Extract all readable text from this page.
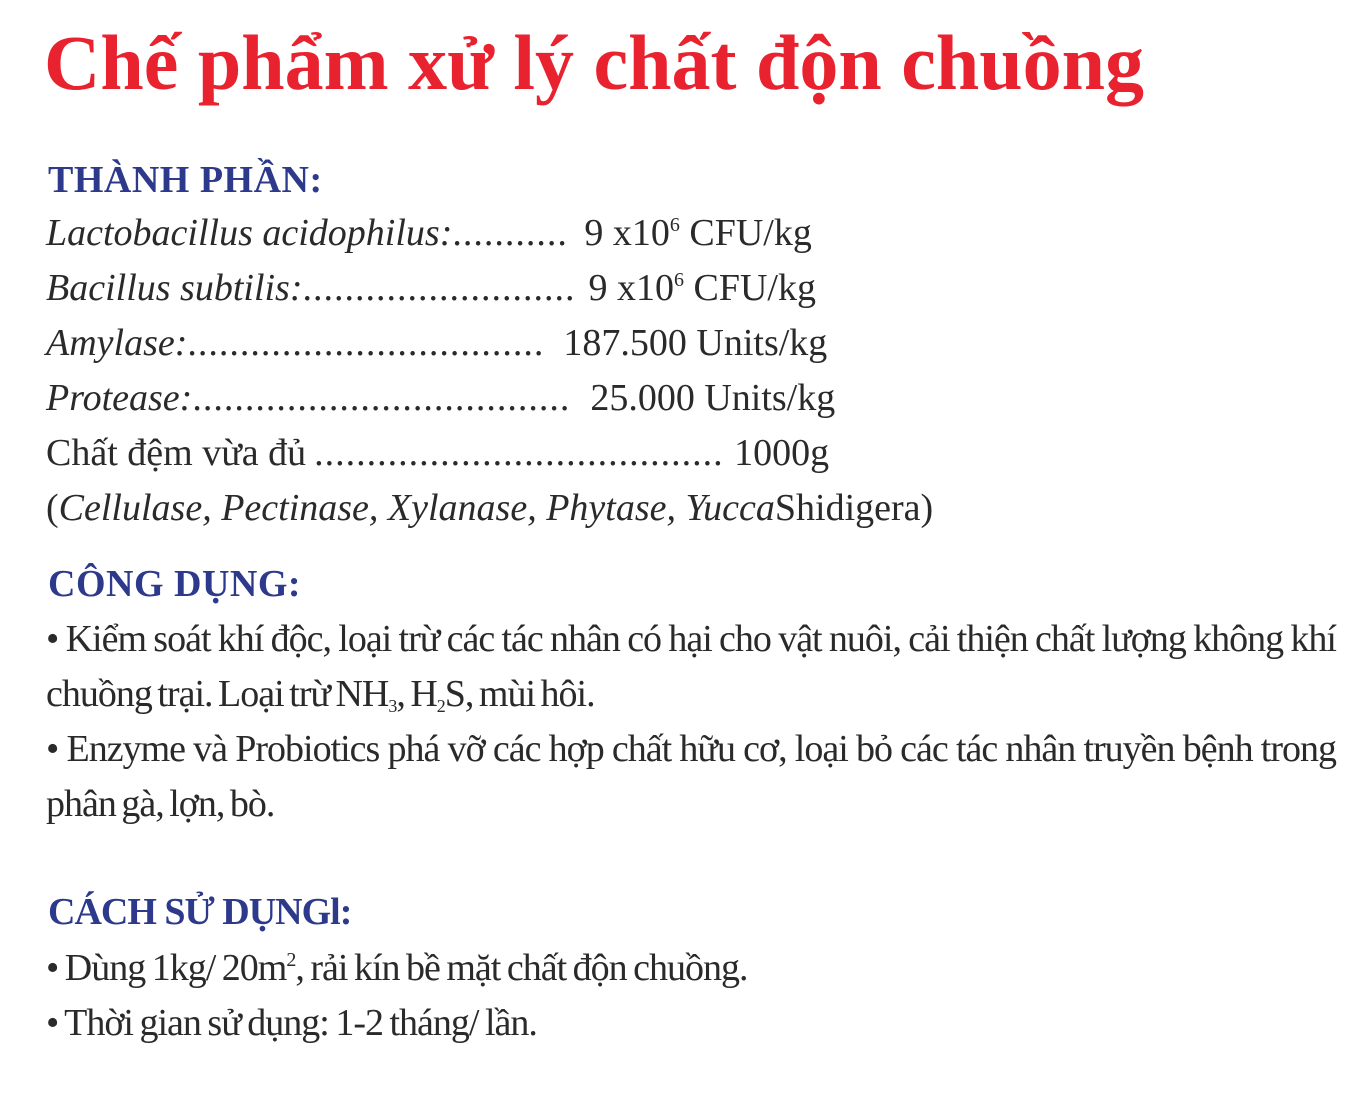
Chế phẩm xử lý chất độn chuồng
THÀNH PHẦN:
Lactobacillus acidophilus: ........... 9 $x10^6$ CFU/kg
Bacillus subtilis: .......................... 9 $x10^6$ CFU/kg
Amylase: .................................. 187.500 Units/kg
Protease: .................................... 25.000 Units/kg
Chất đệm vừa đủ ....................................... 1000g
( Cellulase, Pectinase, Xylanase, Phytase, Yucca Shidigera)
CÔNG DỤNG:

• Kiểm soát khí độc, loại trừ các tác nhân có hại cho vật nuôi, cải thiện chất lượng không khí chuồng trại. Loại trừ $NH_3$, $H_2S$, mùi hôi.

• Enzyme và Probiotics phá vỡ các hợp chất hữu cơ, loại bỏ các tác nhân truyền bệnh trong phân gà, lợn, bò.

CÁCH SỬ DỤNGl:

• Dùng 1kg/ $20m^2$, rải kín bề mặt chất độn chuồng.

• Thời gian sử dụng: 1-2 tháng/ lần.
